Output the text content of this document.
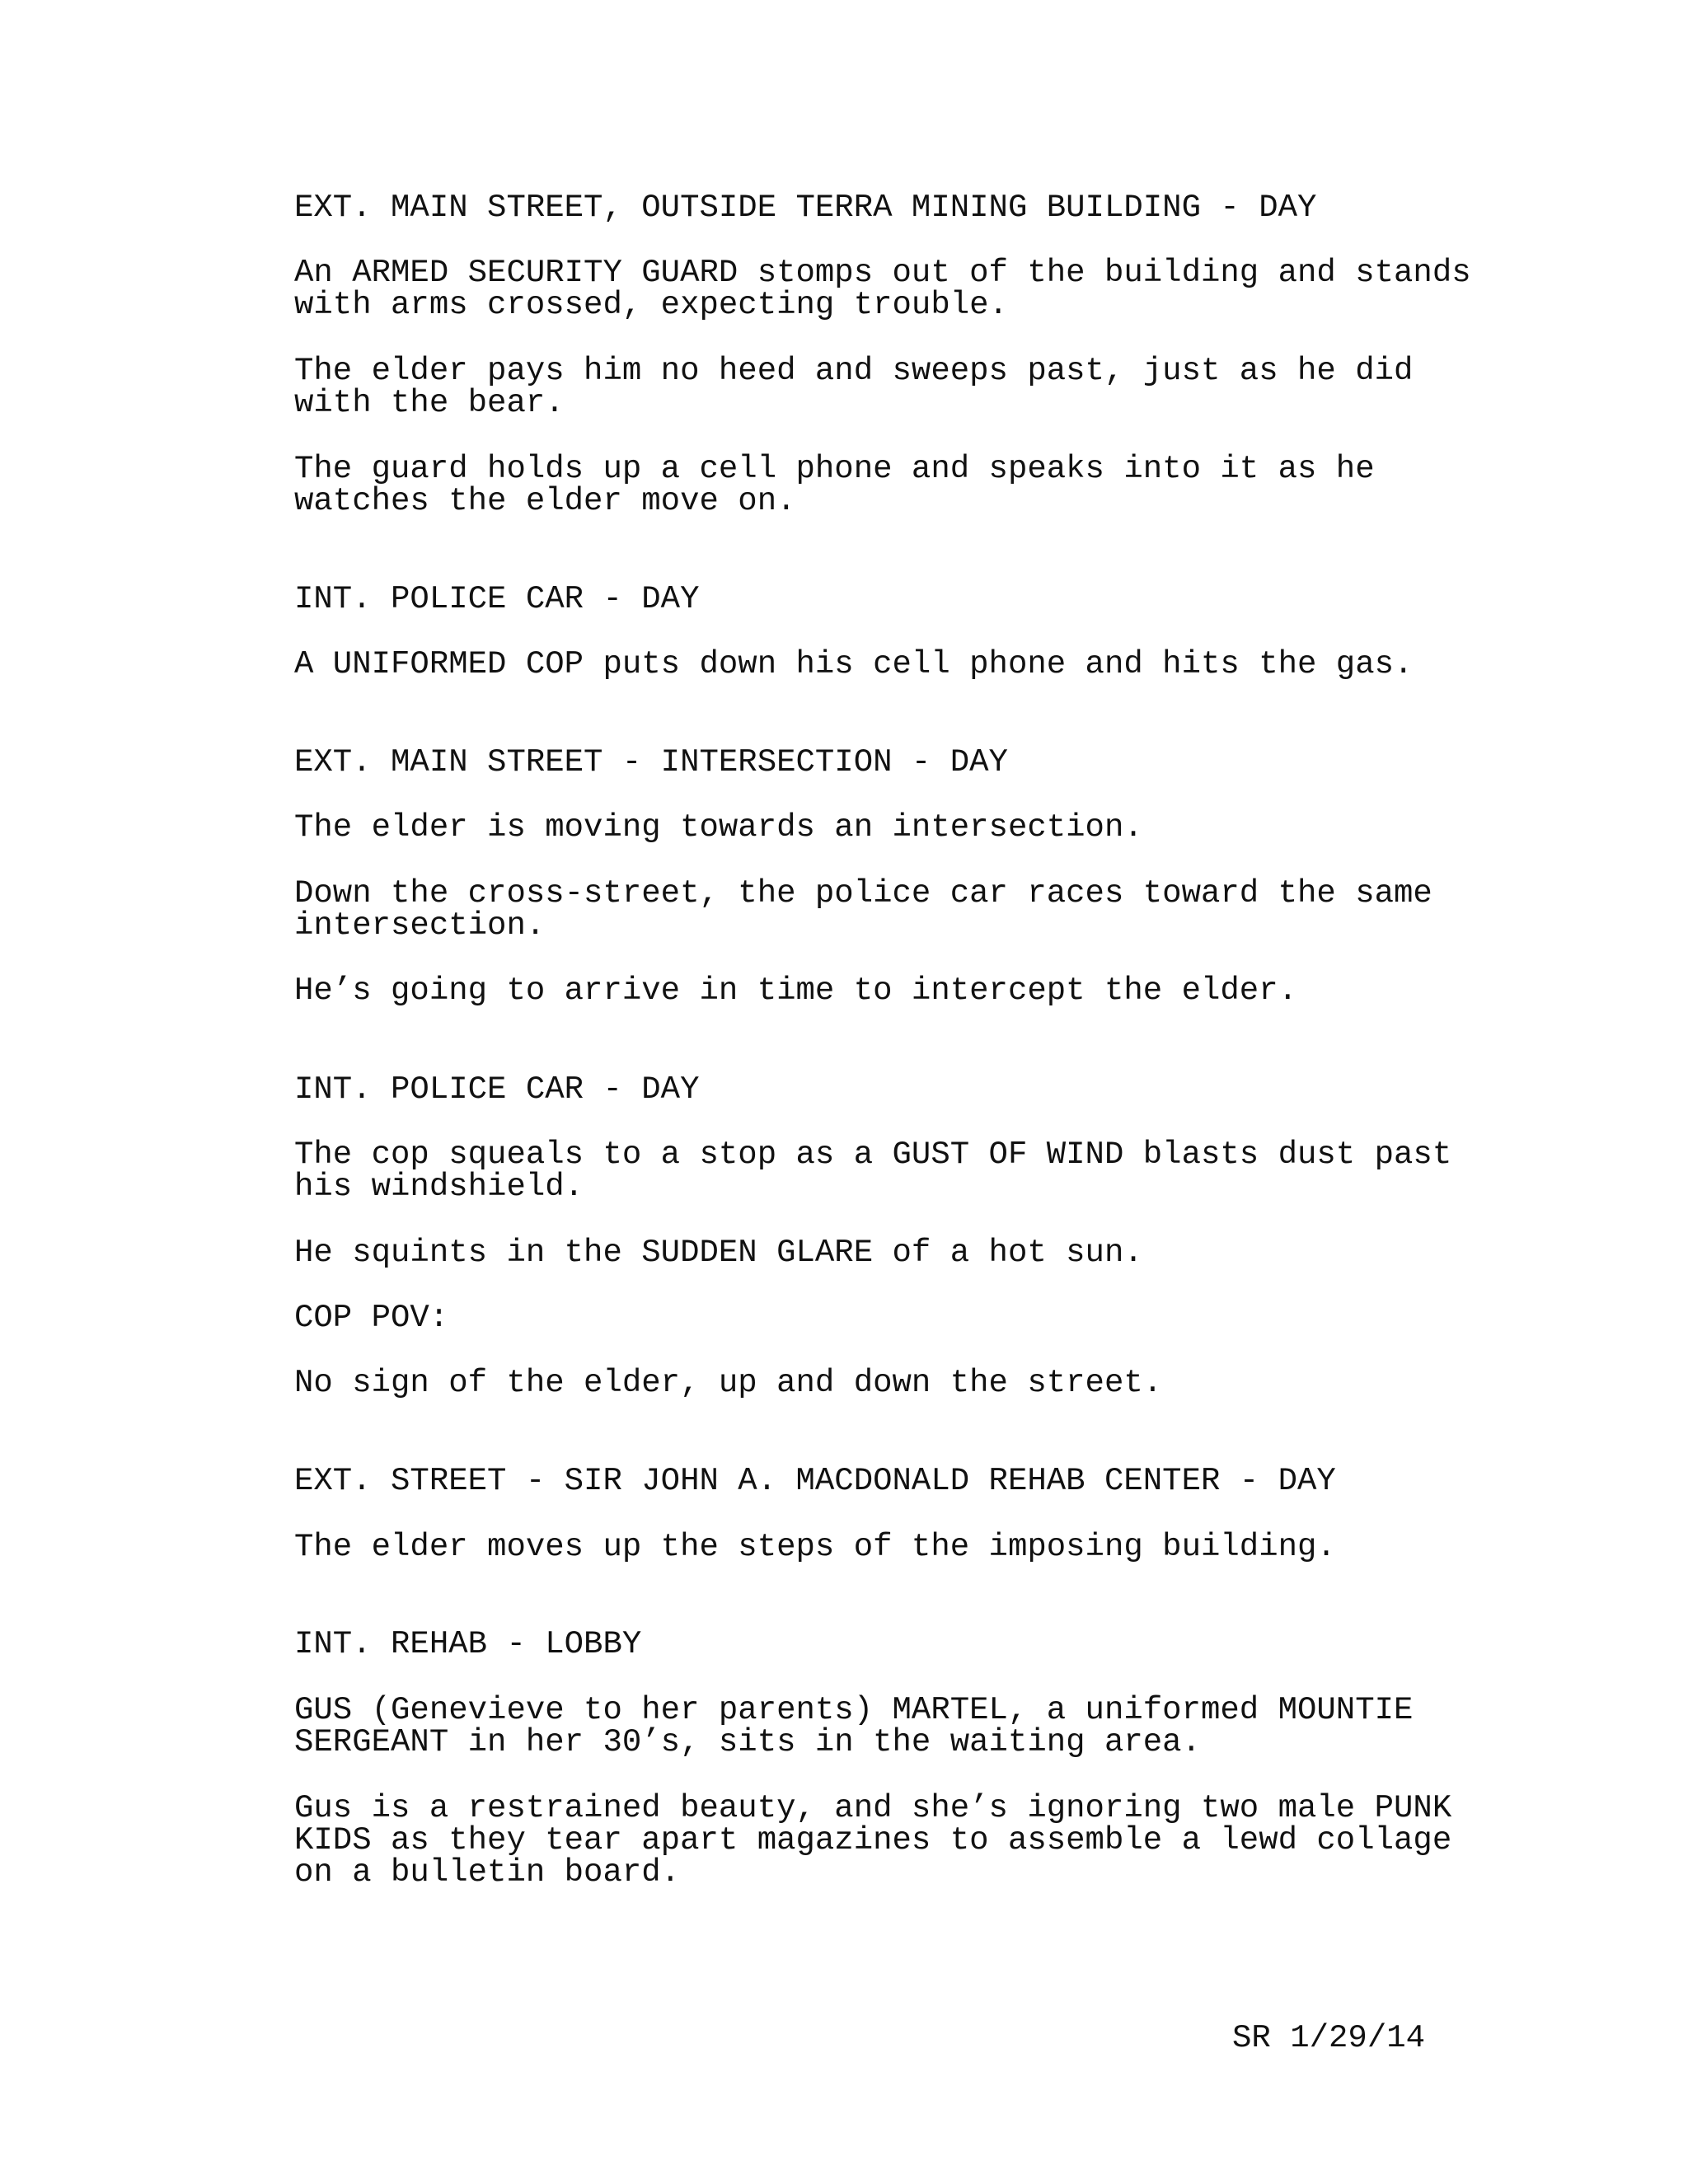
EXT. MAIN STREET, OUTSIDE TERRA MINING BUILDING - DAY
An ARMED SECURITY GUARD stomps out of the building and stands
with arms crossed, expecting trouble.
The elder pays him no heed and sweeps past, just as he did
with the bear.
The guard holds up a cell phone and speaks into it as he
watches the elder move on.
INT. POLICE CAR - DAY
A UNIFORMED COP puts down his cell phone and hits the gas.
EXT. MAIN STREET - INTERSECTION - DAY
The elder is moving towards an intersection.
Down the cross-street, the police car races toward the same
intersection.
He’s going to arrive in time to intercept the elder.
INT. POLICE CAR - DAY
The cop squeals to a stop as a GUST OF WIND blasts dust past
his windshield.
He squints in the SUDDEN GLARE of a hot sun.
COP POV:
No sign of the elder, up and down the street.
EXT. STREET - SIR JOHN A. MACDONALD REHAB CENTER - DAY
The elder moves up the steps of the imposing building.
INT. REHAB - LOBBY
GUS (Genevieve to her parents) MARTEL, a uniformed MOUNTIE
SERGEANT in her 30’s, sits in the waiting area.
Gus is a restrained beauty, and she’s ignoring two male PUNK
KIDS as they tear apart magazines to assemble a lewd collage
on a bulletin board.
SR 1/29/14
